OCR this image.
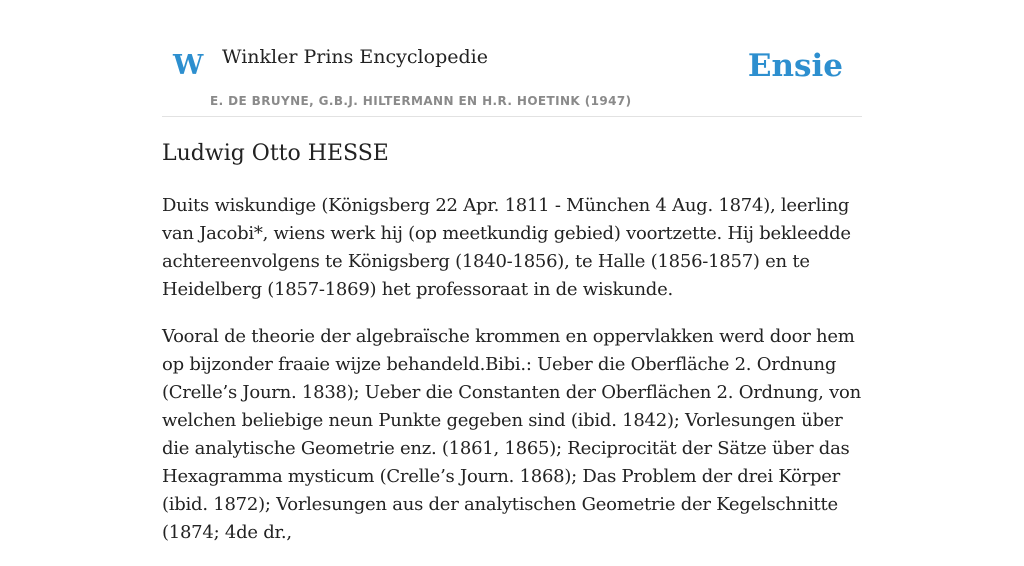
W Winkler Prins Encyclopedie
E. DE BRUYNE, G.B.J. HILTERMANN EN H.R. HOETINK (1947)
Ensie
Ludwig Otto HESSE

Duits wiskundige (Königsberg 22 Apr. 1811 - München 4 Aug. 1874), leerling van Jacobi*, wiens werk hij (op meetkundig gebied) voortzette. Hij bekleedde achtereenvolgens te Königsberg (1840-1856), te Halle (1856-1857) en te Heidelberg (1857-1869) het professoraat in de wiskunde.

Vooral de theorie der algebraïsche krommen en oppervlakken werd door hem op bijzonder fraaie wijze behandeld.Bibi.: Ueber die Oberfläche 2. Ordnung (Crelle’s Journ. 1838); Ueber die Constanten der Oberflächen 2. Ordnung, von welchen beliebige neun Punkte gegeben sind (ibid. 1842); Vorlesungen über die analytische Geometrie enz. (1861, 1865); Reciprocität der Sätze über das Hexagramma mysticum (Crelle’s Journ. 1868); Das Problem der drei Körper (ibid. 1872); Vorlesungen aus der analytischen Geometrie der Kegelschnitte (1874; 4de dr.,
